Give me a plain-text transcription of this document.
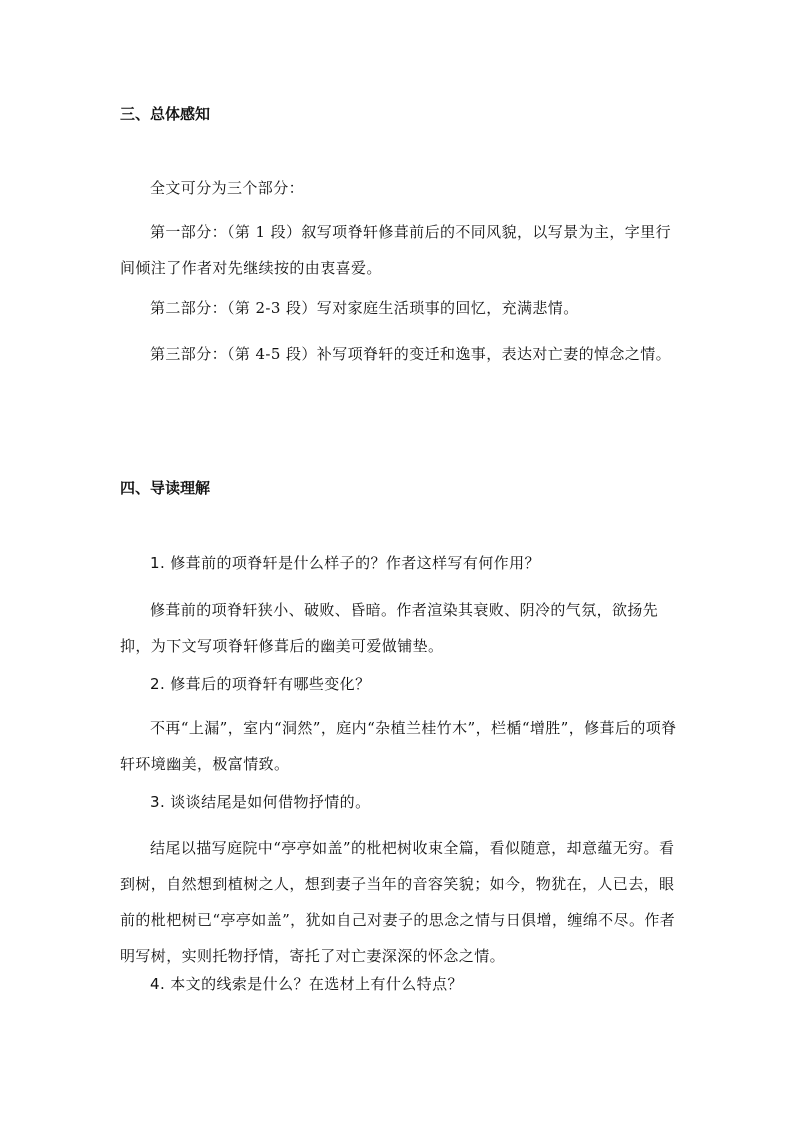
三、总体感知
全文可分为三个部分：
第一部分：（第 1 段）叙写项脊轩修葺前后的不同风貌，以写景为主，字里行间倾注了作者对先继续按的由衷喜爱。
第二部分：（第 2-3 段）写对家庭生活琐事的回忆，充满悲情。
第三部分：（第 4-5 段）补写项脊轩的变迁和逸事，表达对亡妻的悼念之情。
四、导读理解
1. 修葺前的项脊轩是什么样子的？作者这样写有何作用？
修葺前的项脊轩狭小、破败、昏暗。作者渲染其衰败、阴冷的气氛，欲扬先抑，为下文写项脊轩修葺后的幽美可爱做铺垫。
2. 修葺后的项脊轩有哪些变化？
不再“上漏”，室内“洞然”，庭内“杂植兰桂竹木”，栏楯“增胜”，修葺后的项脊轩环境幽美，极富情致。
3. 谈谈结尾是如何借物抒情的。
结尾以描写庭院中“亭亭如盖”的枇杷树收束全篇，看似随意，却意蕴无穷。看到树，自然想到植树之人，想到妻子当年的音容笑貌；如今，物犹在，人已去，眼前的枇杷树已“亭亭如盖”，犹如自己对妻子的思念之情与日俱增，缠绵不尽。作者明写树，实则托物抒情，寄托了对亡妻深深的怀念之情。
4. 本文的线索是什么？在选材上有什么特点？
